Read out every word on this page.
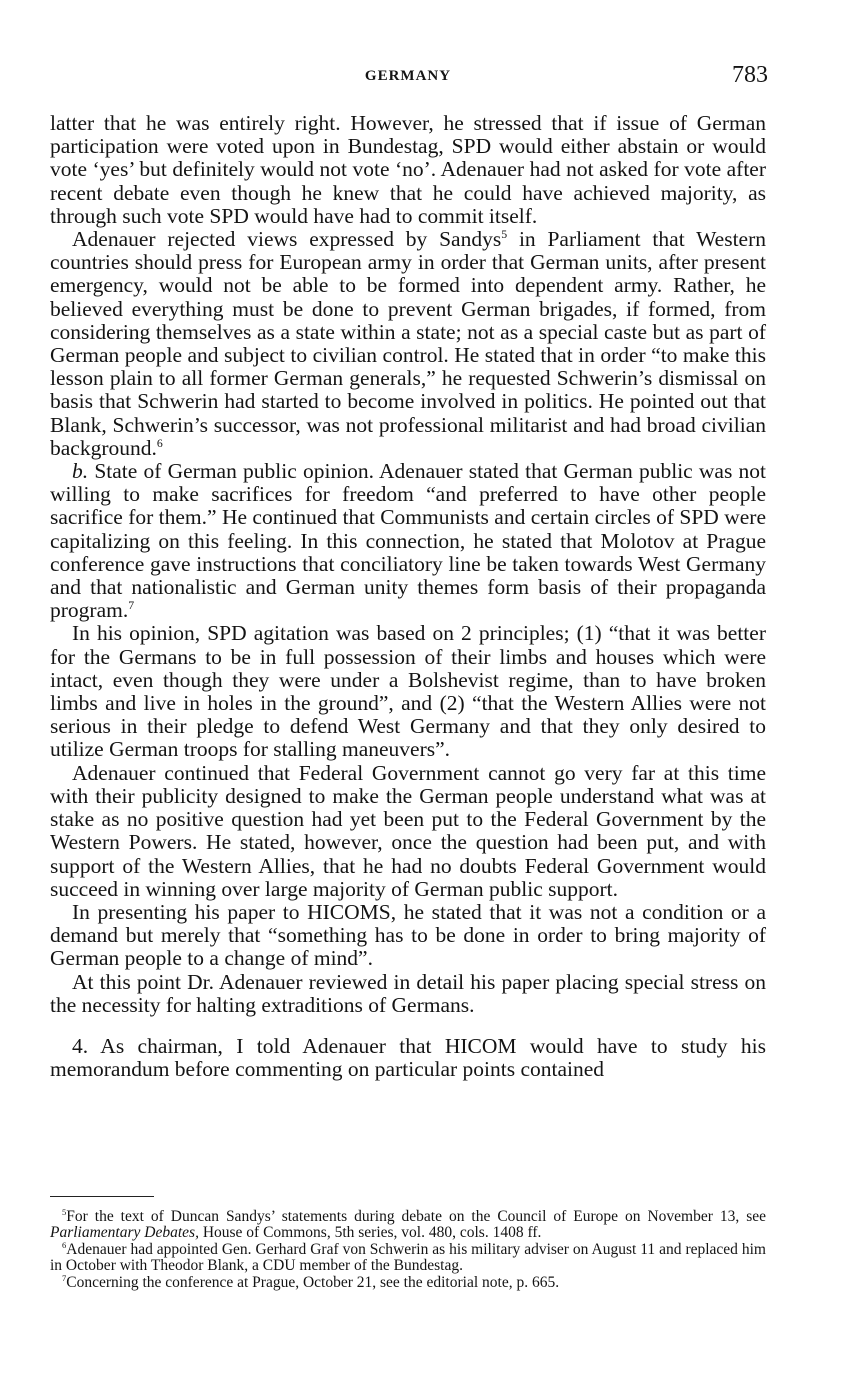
GERMANY	783

latter that he was entirely right. However, he stressed that if issue of German participation were voted upon in Bundestag, SPD would either abstain or would vote ‘yes’ but definitely would not vote ‘no’. Adenauer had not asked for vote after recent debate even though he knew that he could have achieved majority, as through such vote SPD would have had to commit itself.

Adenauer rejected views expressed by Sandys$^5$ in Parliament that Western countries should press for European army in order that German units, after present emergency, would not be able to be formed into dependent army. Rather, he believed everything must be done to prevent German brigades, if formed, from considering themselves as a state within a state; not as a special caste but as part of German people and subject to civilian control. He stated that in order “to make this lesson plain to all former German generals,” he requested Schwerin’s dismissal on basis that Schwerin had started to become involved in politics. He pointed out that Blank, Schwerin’s successor, was not professional militarist and had broad civilian background.$^6$

b. State of German public opinion. Adenauer stated that German public was not willing to make sacrifices for freedom “and preferred to have other people sacrifice for them.” He continued that Communists and certain circles of SPD were capitalizing on this feeling. In this connection, he stated that Molotov at Prague conference gave instructions that conciliatory line be taken towards West Germany and that nationalistic and German unity themes form basis of their propaganda program.$^7$

In his opinion, SPD agitation was based on 2 principles; (1) “that it was better for the Germans to be in full possession of their limbs and houses which were intact, even though they were under a Bolshevist regime, than to have broken limbs and live in holes in the ground”, and (2) “that the Western Allies were not serious in their pledge to defend West Germany and that they only desired to utilize German troops for stalling maneuvers”.

Adenauer continued that Federal Government cannot go very far at this time with their publicity designed to make the German people understand what was at stake as no positive question had yet been put to the Federal Government by the Western Powers. He stated, however, once the question had been put, and with support of the Western Allies, that he had no doubts Federal Government would succeed in winning over large majority of German public support.

In presenting his paper to HICOMS, he stated that it was not a condition or a demand but merely that “something has to be done in order to bring majority of German people to a change of mind”.

At this point Dr. Adenauer reviewed in detail his paper placing special stress on the necessity for halting extraditions of Germans.

4. As chairman, I told Adenauer that HICOM would have to study his memorandum before commenting on particular points contained

$^5$For the text of Duncan Sandys’ statements during debate on the Council of Europe on November 13, see Parliamentary Debates, House of Commons, 5th series, vol. 480, cols. 1408 ff.

$^6$Adenauer had appointed Gen. Gerhard Graf von Schwerin as his military adviser on August 11 and replaced him in October with Theodor Blank, a CDU member of the Bundestag.

$^7$Concerning the conference at Prague, October 21, see the editorial note, p. 665.
